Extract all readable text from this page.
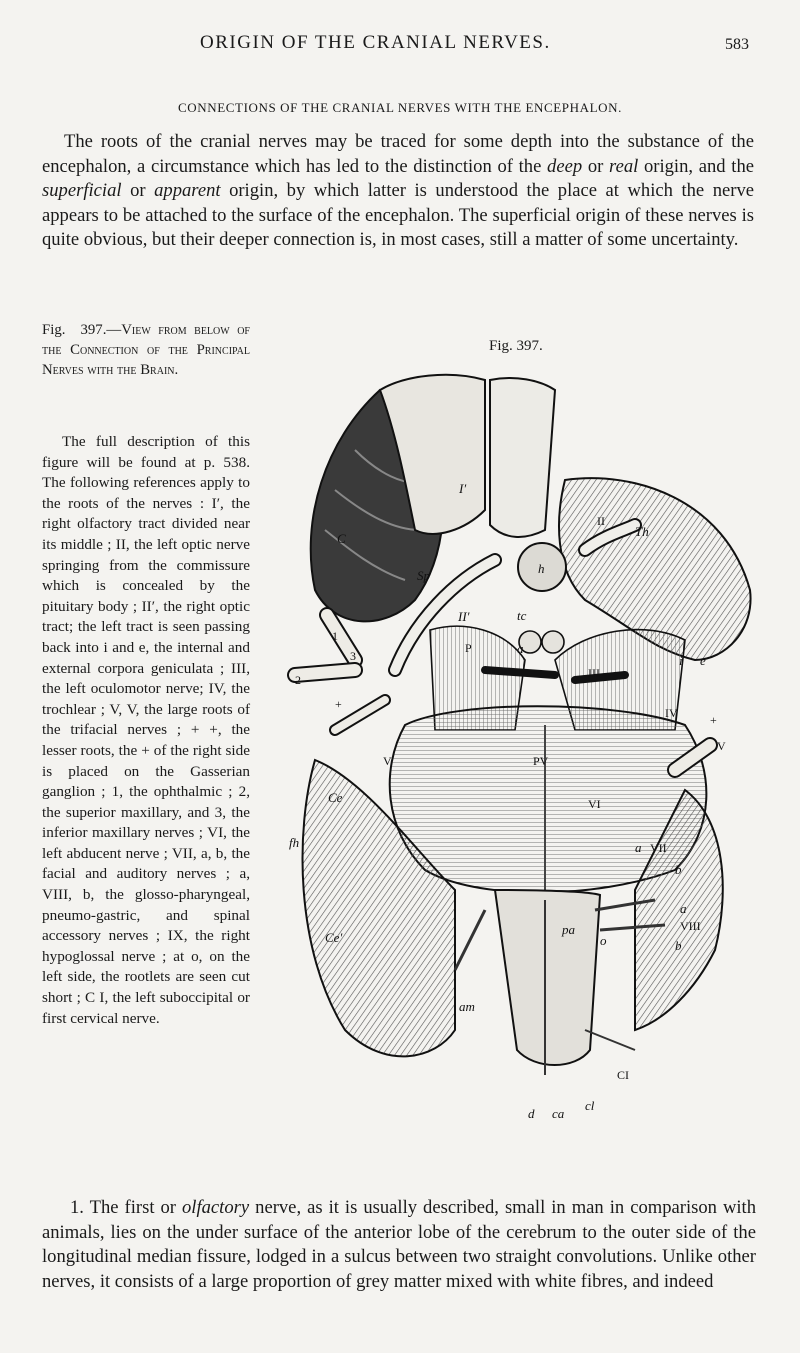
ORIGIN OF THE CRANIAL NERVES.	583
CONNECTIONS OF THE CRANIAL NERVES WITH THE ENCEPHALON.

The roots of the cranial nerves may be traced for some depth into the substance of the encephalon, a circumstance which has led to the distinction of the deep or real origin, and the superficial or apparent origin, by which latter is understood the place at which the nerve appears to be attached to the surface of the encephalon. The superficial origin of these nerves is quite obvious, but their deeper connection is, in most cases, still a matter of some uncertainty.

Fig. 397.—View from below of the Connection of the Principal Nerves with the Brain.

The full description of this figure will be found at p. 538. The following references apply to the roots of the nerves : I′, the right olfactory tract divided near its middle ; II, the left optic nerve springing from the commissure which is concealed by the pituitary body ; II′, the right optic tract; the left tract is seen passing back into i and e, the internal and external corpora geniculata ; III, the left oculomotor nerve; IV, the trochlear ; V, V, the large roots of the trifacial nerves ; + +, the lesser roots, the + of the right side is placed on the Gasserian ganglion ; 1, the ophthalmic ; 2, the superior maxillary, and 3, the inferior maxillary nerves ; VI, the left abducent nerve ; VII, a, b, the facial and auditory nerves ; a, VIII, b, the glosso-pharyngeal, pneumo-gastric, and spinal accessory nerves ; IX, the right hypoglossal nerve ; at o, on the left side, the rootlets are seen cut short ; C I, the left suboccipital or first cervical nerve.

Fig. 397.
I′
II
Th
C
Sp	h
II′	tc
P	a
III
i e
1
2
3
+
+
IV
V
V
PV
Ce	VI
fh	VII
a
b
a
VIII
b
Ce′
pa
o
am
CI
d ca
cl

1. The first or olfactory nerve, as it is usually described, small in man in comparison with animals, lies on the under surface of the anterior lobe of the cerebrum to the outer side of the longitudinal median fissure, lodged in a sulcus between two straight convolutions. Unlike other nerves, it consists of a large proportion of grey matter mixed with white fibres, and indeed
